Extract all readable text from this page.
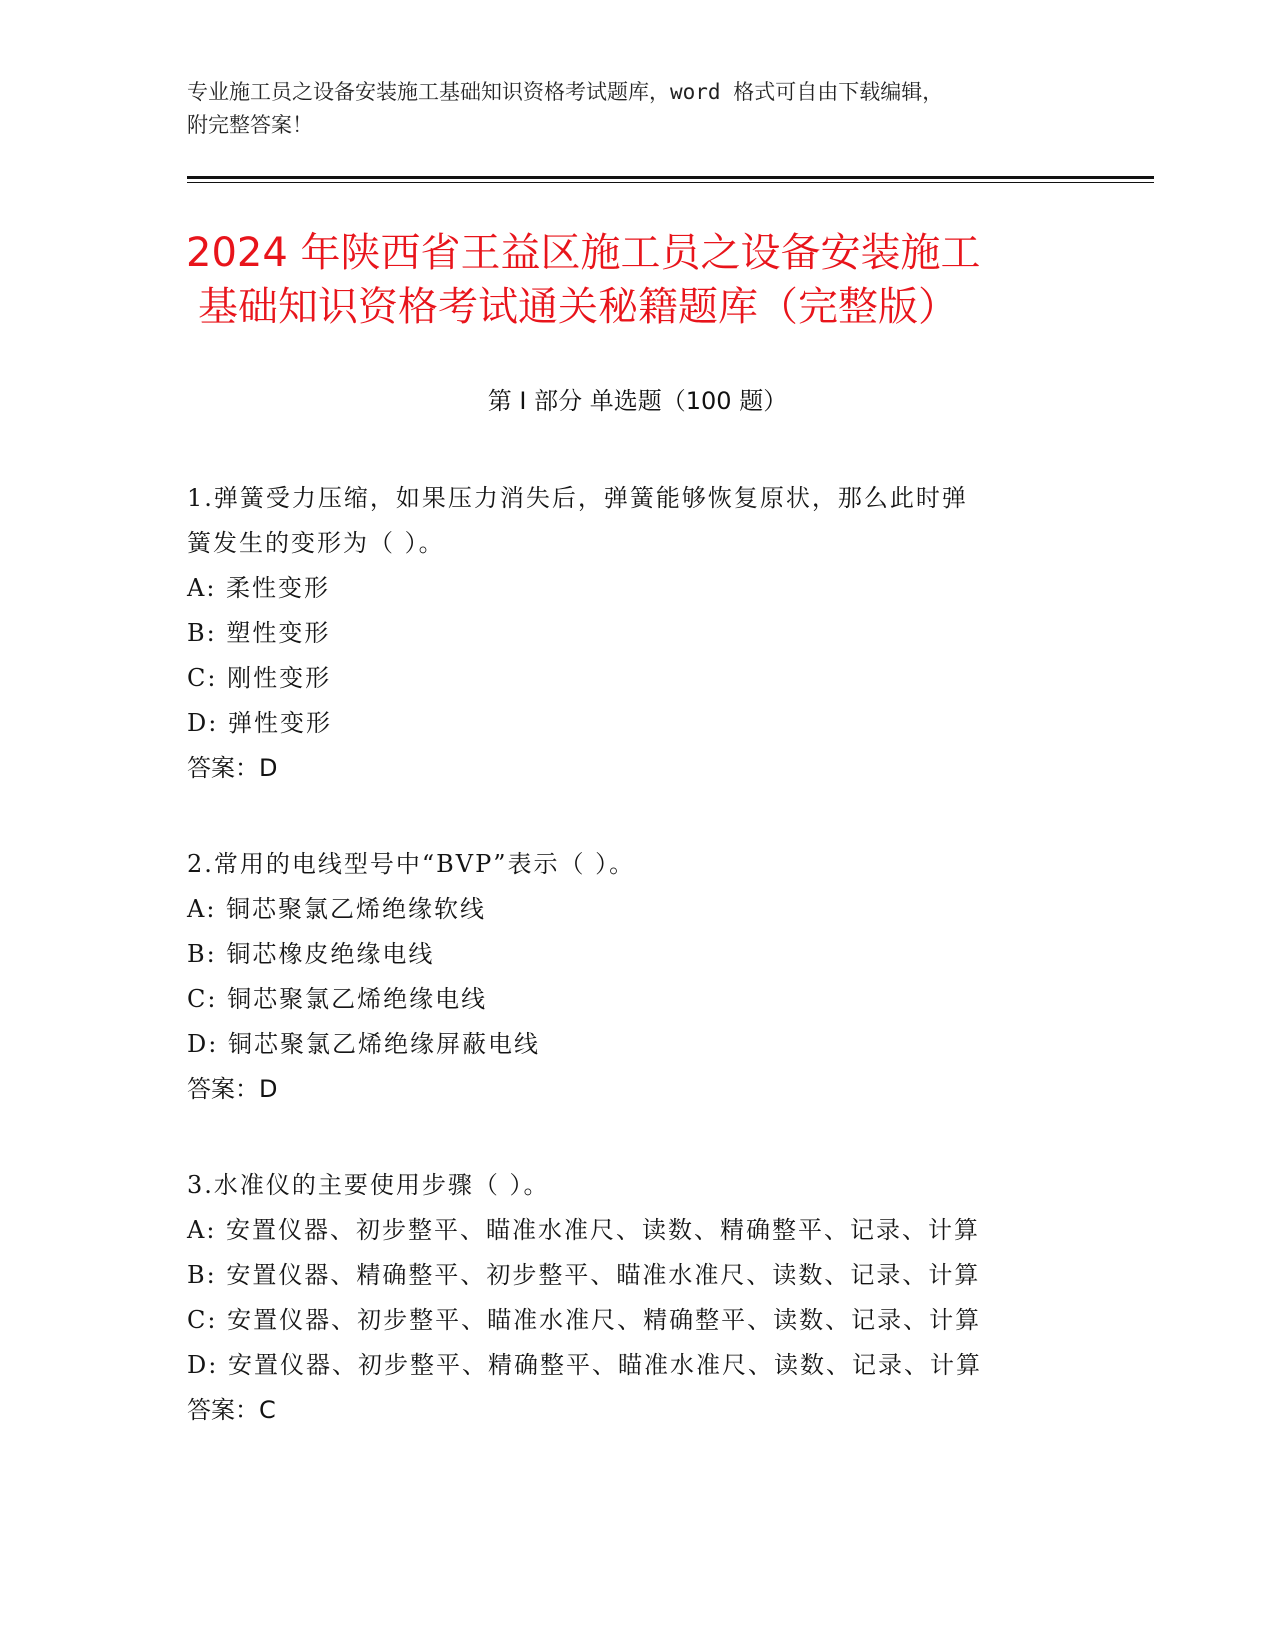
专业施工员之设备安装施工基础知识资格考试题库，word 格式可自由下载编辑，
附完整答案！
2024 年陕西省王益区施工员之设备安装施工
基础知识资格考试通关秘籍题库（完整版）
第 I 部分 单选题（100 题）
1.弹簧受力压缩，如果压力消失后，弹簧能够恢复原状，那么此时弹
簧发生的变形为（ ）。
A: 柔性变形
B: 塑性变形
C: 刚性变形
D: 弹性变形
答案：D
2.常用的电线型号中“BVP”表示（ ）。
A: 铜芯聚氯乙烯绝缘软线
B: 铜芯橡皮绝缘电线
C: 铜芯聚氯乙烯绝缘电线
D: 铜芯聚氯乙烯绝缘屏蔽电线
答案：D
3.水准仪的主要使用步骤（ ）。
A: 安置仪器、初步整平、瞄准水准尺、读数、精确整平、记录、计算
B: 安置仪器、精确整平、初步整平、瞄准水准尺、读数、记录、计算
C: 安置仪器、初步整平、瞄准水准尺、精确整平、读数、记录、计算
D: 安置仪器、初步整平、精确整平、瞄准水准尺、读数、记录、计算
答案：C
